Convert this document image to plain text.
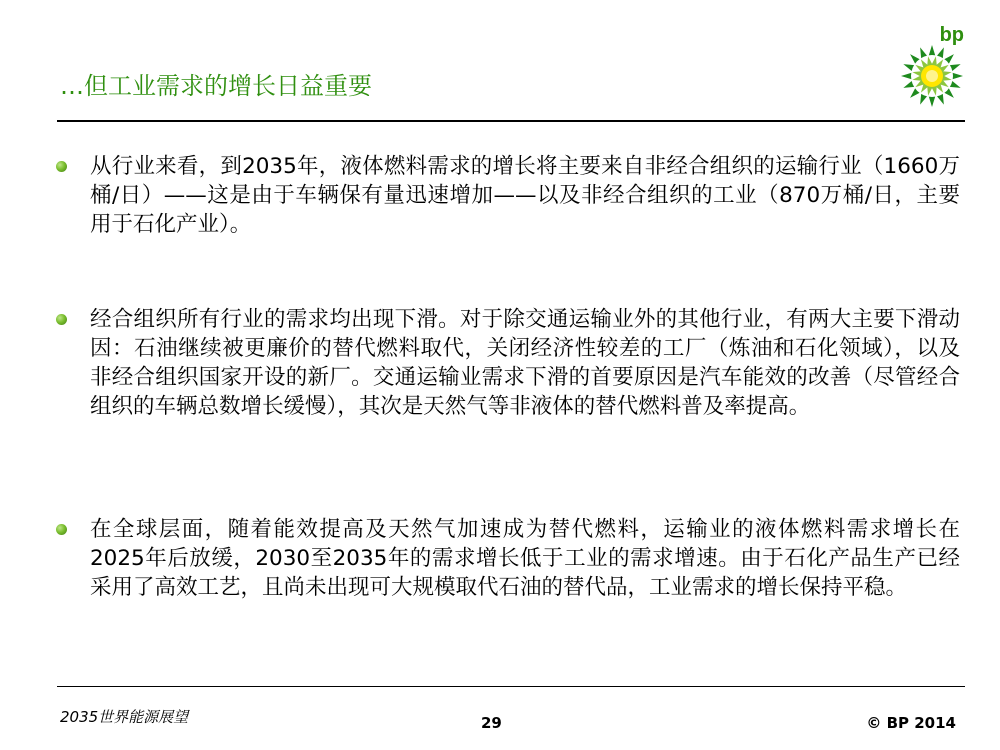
…但工业需求的增长日益重要
bp
从行业来看，到2035年，液体燃料需求的增长将主要来自非经合组织的运输行业（1660万桶/日）——这是由于车辆保有量迅速增加——以及非经合组织的工业（870万桶/日，主要用于石化产业）。
经合组织所有行业的需求均出现下滑。对于除交通运输业外的其他行业，有两大主要下滑动因：石油继续被更廉价的替代燃料取代，关闭经济性较差的工厂（炼油和石化领域），以及非经合组织国家开设的新厂。交通运输业需求下滑的首要原因是汽车能效的改善（尽管经合组织的车辆总数增长缓慢），其次是天然气等非液体的替代燃料普及率提高。
在全球层面，随着能效提高及天然气加速成为替代燃料，运输业的液体燃料需求增长在2025年后放缓，2030至2035年的需求增长低于工业的需求增速。由于石化产品生产已经采用了高效工艺，且尚未出现可大规模取代石油的替代品，工业需求的增长保持平稳。
2035世界能源展望	29	© BP 2014
